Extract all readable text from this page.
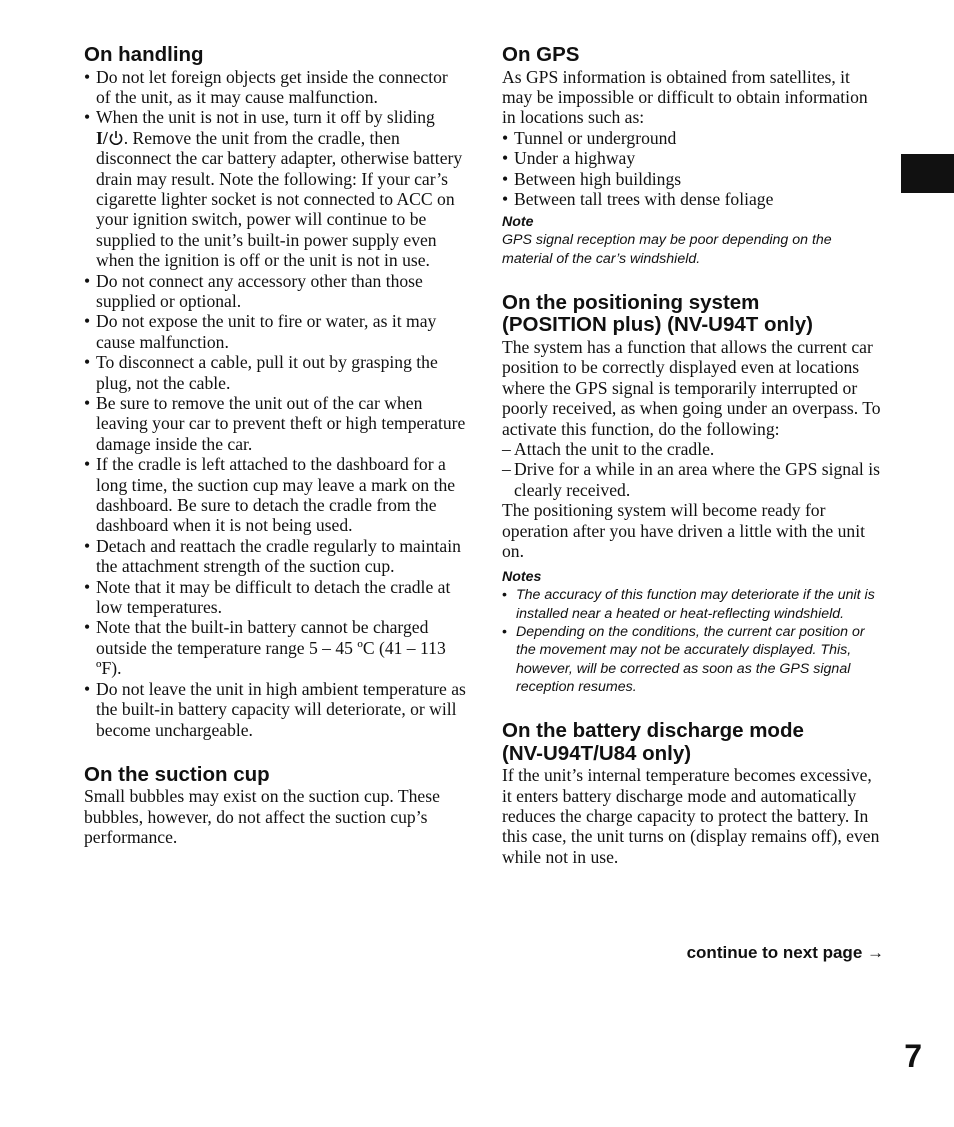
On handling
• Do not let foreign objects get inside the connector of the unit, as it may cause malfunction.
• When the unit is not in use, turn it off by sliding
I/ . Remove the unit from the cradle, then disconnect the car battery adapter, otherwise battery drain may result. Note the following: If your car’s cigarette lighter socket is not connected to ACC on your ignition switch, power will continue to be supplied to the unit’s built-in power supply even when the ignition is off or the unit is not in use.
• Do not connect any accessory other than those supplied or optional.
• Do not expose the unit to fire or water, as it may cause malfunction.
• To disconnect a cable, pull it out by grasping the plug, not the cable.
• Be sure to remove the unit out of the car when leaving your car to prevent theft or high temperature damage inside the car.
• If the cradle is left attached to the dashboard for a long time, the suction cup may leave a mark on the dashboard. Be sure to detach the cradle from the dashboard when it is not being used.
• Detach and reattach the cradle regularly to maintain the attachment strength of the suction cup.
• Note that it may be difficult to detach the cradle at low temperatures.
• Note that the built-in battery cannot be charged outside the temperature range 5 – 45 ºC (41 – 113 ºF).
• Do not leave the unit in high ambient temperature as the built-in battery capacity will deteriorate, or will become unchargeable.
On the suction cup

Small bubbles may exist on the suction cup. These bubbles, however, do not affect the suction cup’s performance.

On GPS

As GPS information is obtained from satellites, it may be impossible or difficult to obtain information in locations such as:

• Tunnel or underground
• Under a highway
• Between high buildings
• Between tall trees with dense foliage

Note

GPS signal reception may be poor depending on the material of the car’s windshield.

On the positioning system
(POSITION plus) (NV-U94T only)

The system has a function that allows the current car position to be correctly displayed even at locations where the GPS signal is temporarily interrupted or poorly received, as when going under an overpass. To activate this function, do the following:

– Attach the unit to the cradle.
– Drive for a while in an area where the GPS signal is clearly received.

The positioning system will become ready for operation after you have driven a little with the unit on.

Notes

• The accuracy of this function may deteriorate if the unit is installed near a heated or heat-reflecting windshield.
• Depending on the conditions, the current car position or the movement may not be accurately displayed. This, however, will be corrected as soon as the GPS signal reception resumes.
On the battery discharge mode
(NV-U94T/U84 only)

If the unit’s internal temperature becomes excessive, it enters battery discharge mode and automatically reduces the charge capacity to protect the battery. In this case, the unit turns on (display remains off), even while not in use.

continue to next page →
7
